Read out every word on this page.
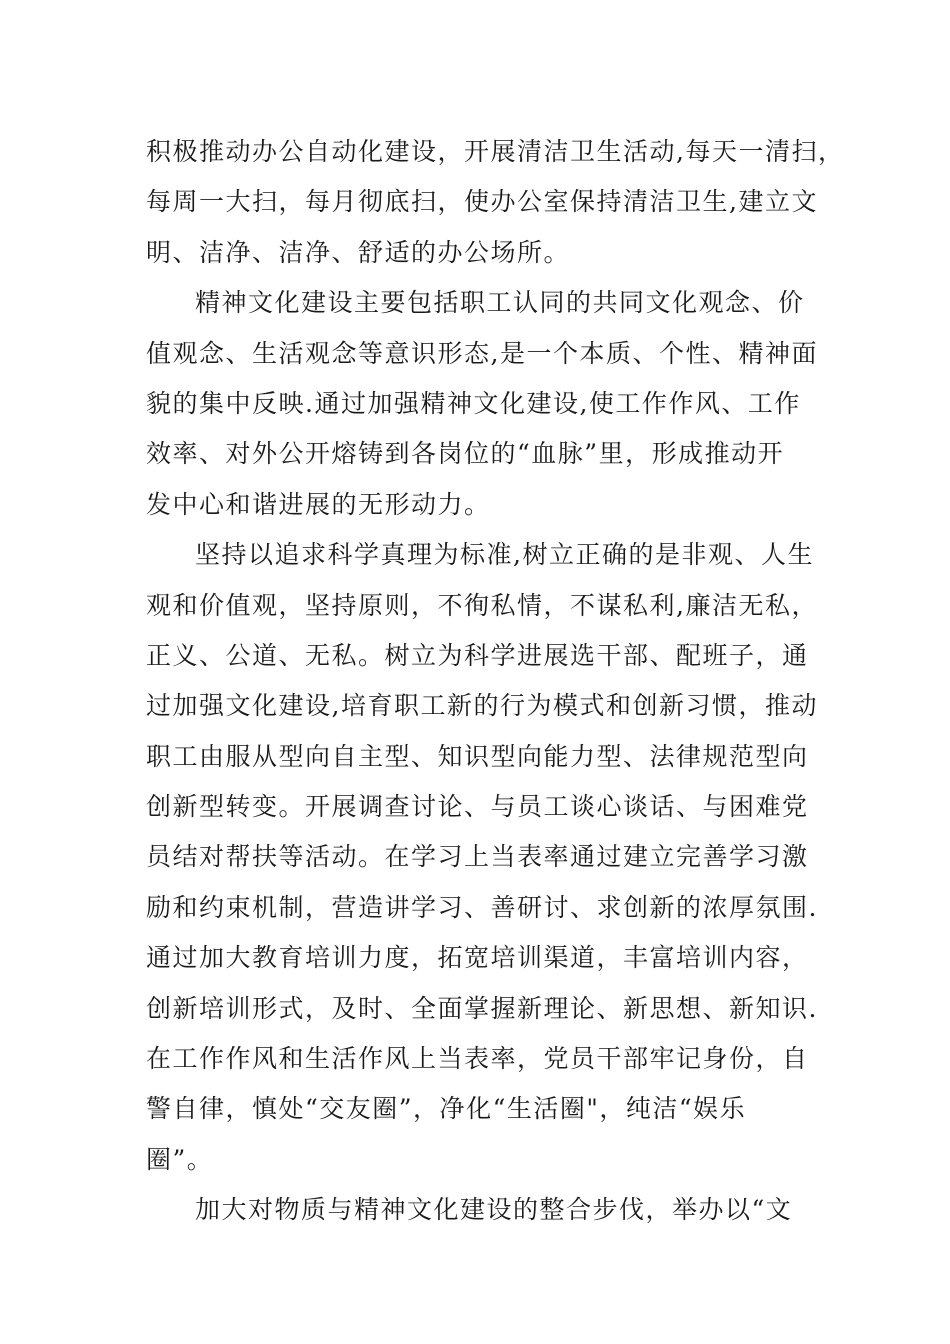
积极推动办公自动化建设，开展清洁卫生活动,每天一清扫，
每周一大扫，每月彻底扫，使办公室保持清洁卫生,建立文
明、洁净、洁净、舒适的办公场所。
精神文化建设主要包括职工认同的共同文化观念、价
值观念、生活观念等意识形态,是一个本质、个性、精神面
貌的集中反映.通过加强精神文化建设,使工作作风、工作
效率、对外公开熔铸到各岗位的“血脉”里，形成推动开
发中心和谐进展的无形动力。
坚持以追求科学真理为标准,树立正确的是非观、人生
观和价值观，坚持原则，不徇私情，不谋私利,廉洁无私，
正义、公道、无私。树立为科学进展选干部、配班子，通
过加强文化建设,培育职工新的行为模式和创新习惯，推动
职工由服从型向自主型、知识型向能力型、法律规范型向
创新型转变。开展调查讨论、与员工谈心谈话、与困难党
员结对帮扶等活动。在学习上当表率通过建立完善学习激
励和约束机制，营造讲学习、善研讨、求创新的浓厚氛围.
通过加大教育培训力度，拓宽培训渠道，丰富培训内容，
创新培训形式，及时、全面掌握新理论、新思想、新知识.
在工作作风和生活作风上当表率，党员干部牢记身份，自
警自律，慎处“交友圈”，净化“生活圈"，纯洁“娱乐
圈”。
加大对物质与精神文化建设的整合步伐，举办以“文
